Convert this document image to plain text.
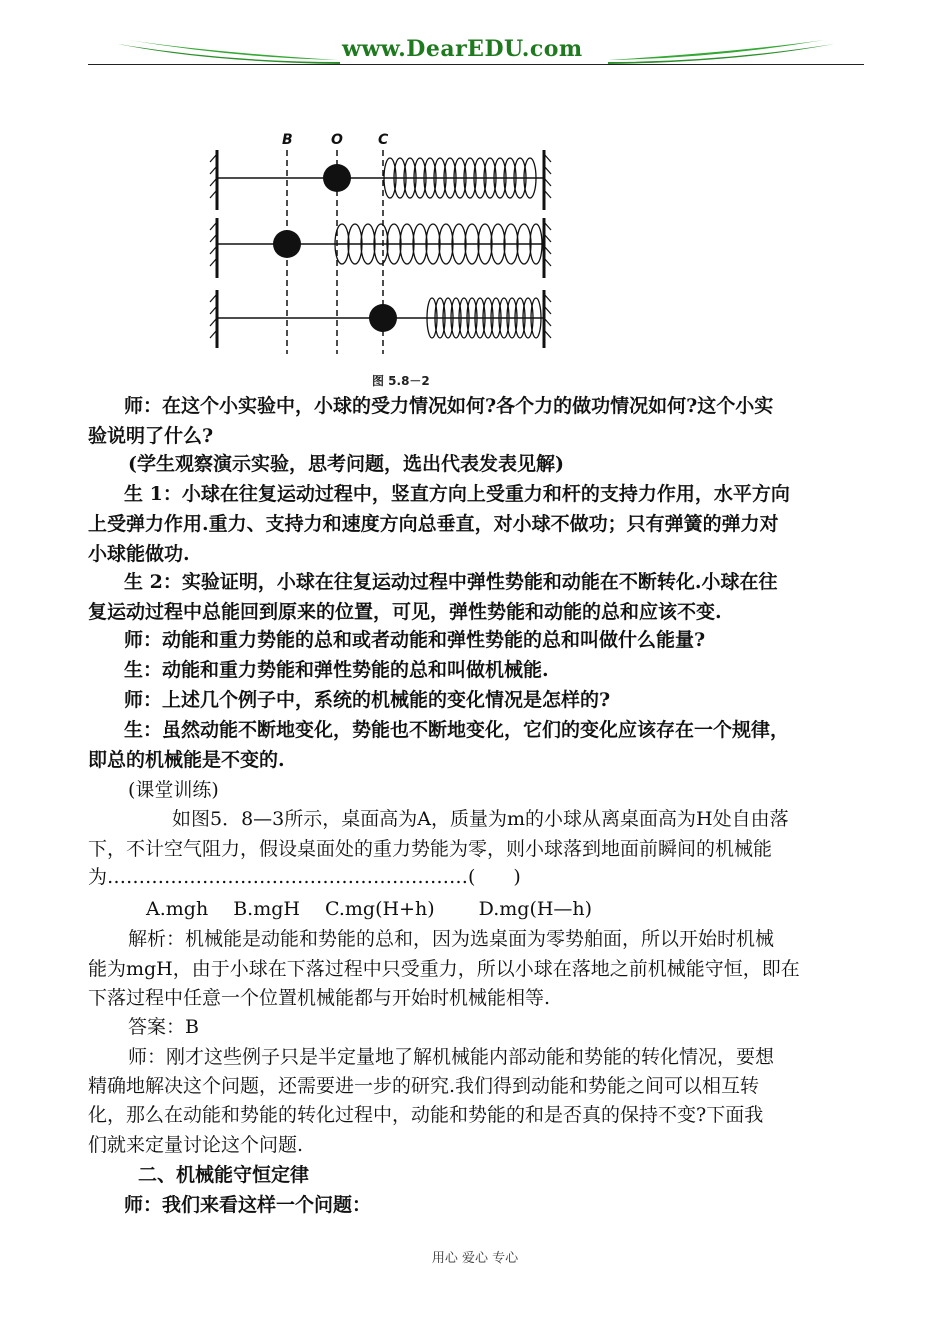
www.DearEDU.com
B	O	C
图 5.8－2
师：在这个小实验中，小球的受力情况如何?各个力的做功情况如何?这个小实
验说明了什么?
(学生观察演示实验，思考问题，选出代表发表见解)
生 1：小球在往复运动过程中，竖直方向上受重力和杆的支持力作用，水平方向
上受弹力作用.重力、支持力和速度方向总垂直，对小球不做功；只有弹簧的弹力对
小球能做功.
生 2：实验证明，小球在往复运动过程中弹性势能和动能在不断转化.小球在往
复运动过程中总能回到原来的位置，可见，弹性势能和动能的总和应该不变.
师：动能和重力势能的总和或者动能和弹性势能的总和叫做什么能量?
生：动能和重力势能和弹性势能的总和叫做机械能.
师：上述几个例子中，系统的机械能的变化情况是怎样的?
生：虽然动能不断地变化，势能也不断地变化，它们的变化应该存在一个规律，
即总的机械能是不变的.
(课堂训练)
如图5．8—3所示，桌面高为A，质量为m的小球从离桌面高为H处自由落
下，不计空气阻力，假设桌面处的重力势能为零，则小球落到地面前瞬间的机械能
为…………………………………………………(　　)
A.mgh　 B.mgH　 C.mg(H+h)　　 D.mg(H—h)
解析：机械能是动能和势能的总和，因为选桌面为零势舶面，所以开始时机械
能为mgH，由于小球在下落过程中只受重力，所以小球在落地之前机械能守恒，即在
下落过程中任意一个位置机械能都与开始时机械能相等.
答案：B
师：刚才这些例子只是半定量地了解机械能内部动能和势能的转化情况，要想
精确地解决这个问题，还需要进一步的研究.我们得到动能和势能之间可以相互转
化，那么在动能和势能的转化过程中，动能和势能的和是否真的保持不变?下面我
们就来定量讨论这个问题.
二、机械能守恒定律
师：我们来看这样一个问题：
用心 爱心 专心
